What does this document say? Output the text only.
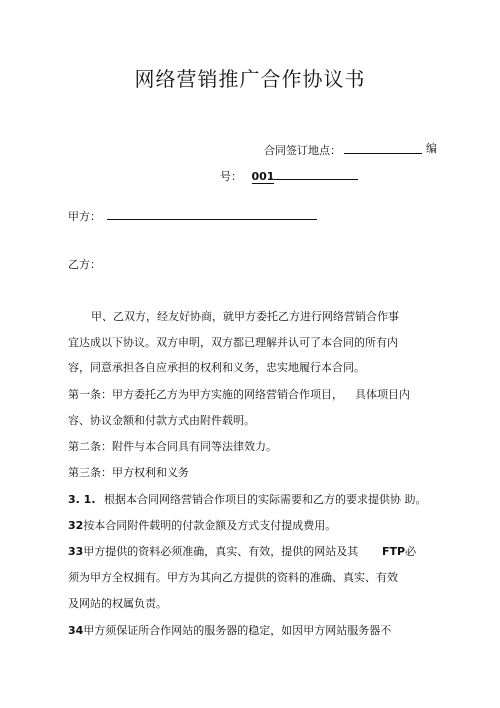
网络营销推广合作协议书
合同签订地点：	编
号： 001
甲方：
乙方：
甲、乙双方，经友好协商，就甲方委托乙方进行网络营销合作事
宜达成以下协议。双方申明，双方都已理解并认可了本合同的所有内
容，同意承担各自应承担的权利和义务，忠实地履行本合同。
第一条：甲方委托乙方为甲方实施的网络营销合作项目， 具体项目内
容、协议金额和付款方式由附件载明。
第二条：附件与本合同具有同等法律效力。
第三条：甲方权利和义务
3. 1. 根据本合同网络营销合作项目的实际需要和乙方的要求提供协 助。
32按本合同附件载明的付款金额及方式支付提成费用。
33甲方提供的资料必须准确，真实、有效，提供的网站及其 FTP必
须为甲方全权拥有。甲方为其向乙方提供的资料的准确、真实、有效
及网站的权属负责。
34甲方须保证所合作网站的服务器的稳定，如因甲方网站服务器不
